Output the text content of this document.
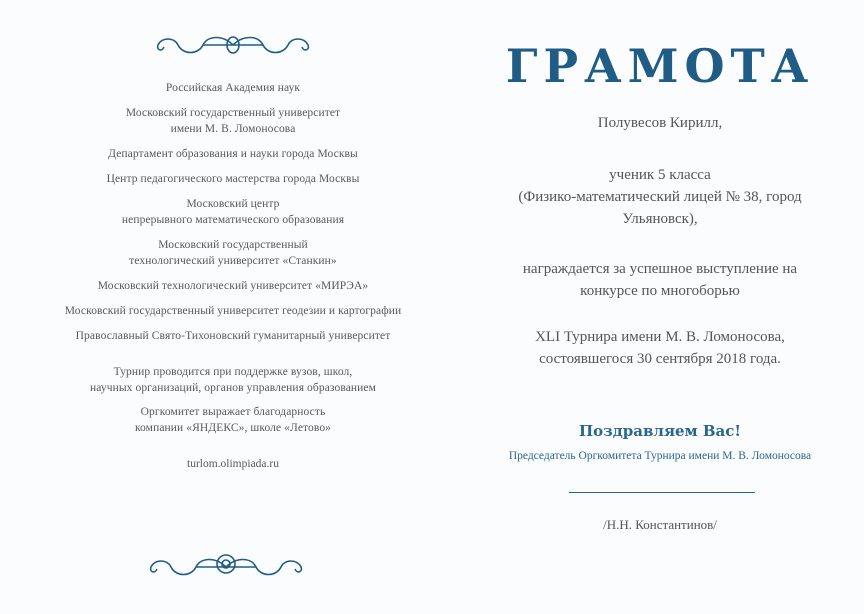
Российская Академия наук
Московский государственный университет
имени М. В. Ломоносова
Департамент образования и науки города Москвы
Центр педагогического мастерства города Москвы
Московский центр
непрерывного математического образования
Московский государственный
технологический университет «Станкин»
Московский технологический университет «МИРЭА»
Московский государственный университет геодезии и картографии
Православный Свято-Тихоновский гуманитарный университет
Турнир проводится при поддержке вузов, школ,
научных организаций, органов управления образованием
Оргкомитет выражает благодарность
компании «ЯНДЕКС», школе «Летово»
turlom.olimpiada.ru
ГРАМОТА
Полувесов Кирилл,
ученик 5 класса
(Физико-математический лицей № 38, город
Ульяновск),
награждается за успешное выступление на
конкурсе по многоборью
XLI Турнира имени М. В. Ломоносова,
состоявшегося 30 сентября 2018 года.
Поздравляем Вас!
Председатель Оргкомитета Турнира имени М. В. Ломоносова
/Н.Н. Константинов/
